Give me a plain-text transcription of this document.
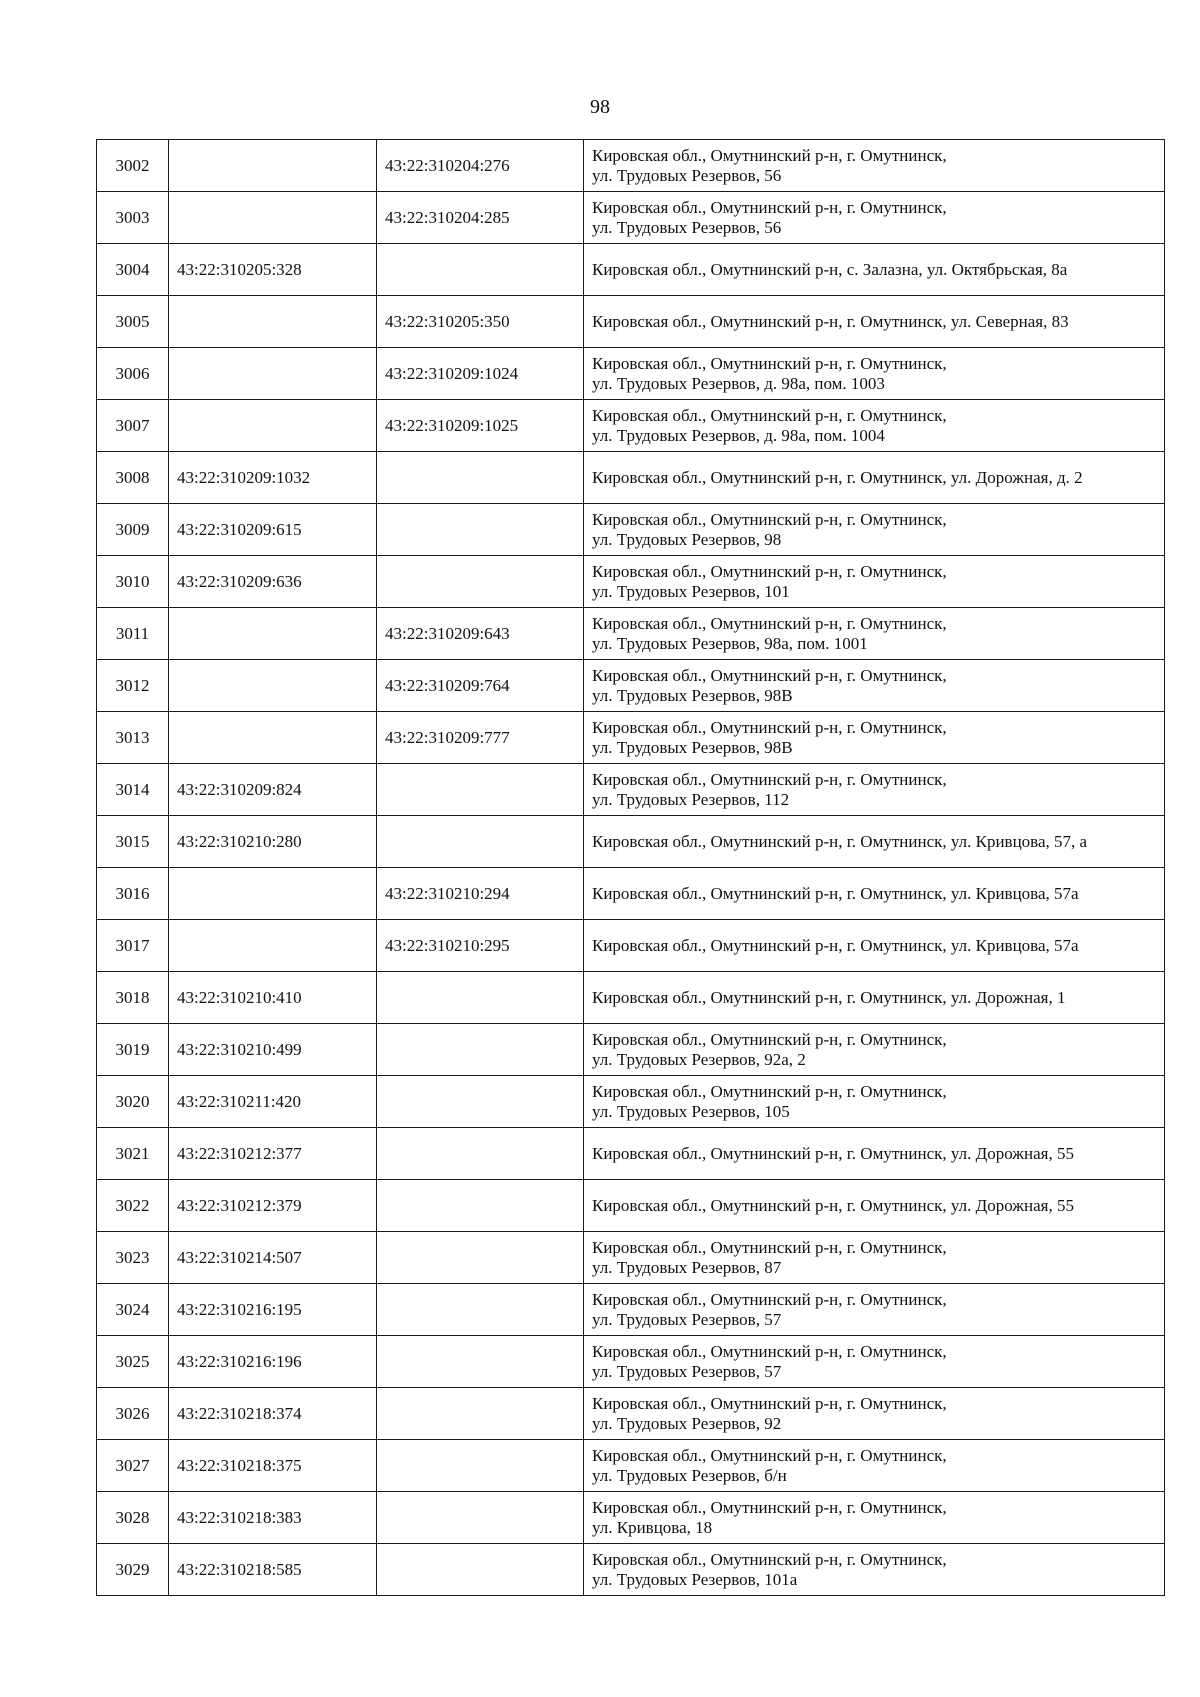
98
3002		43:22:310204:276	Кировская обл., Омутнинский р-н, г. Омутнинск,
ул. Трудовых Резервов, 56

3003		43:22:310204:285	Кировская обл., Омутнинский р-н, г. Омутнинск,
ул. Трудовых Резервов, 56

3004	43:22:310205:328		Кировская обл., Омутнинский р-н, с. Залазна, ул. Октябрьская, 8а

3005		43:22:310205:350	Кировская обл., Омутнинский р-н, г. Омутнинск, ул. Северная, 83

3006		43:22:310209:1024	Кировская обл., Омутнинский р-н, г. Омутнинск,
ул. Трудовых Резервов, д. 98а, пом. 1003

3007		43:22:310209:1025	Кировская обл., Омутнинский р-н, г. Омутнинск,
ул. Трудовых Резервов, д. 98а, пом. 1004

3008	43:22:310209:1032		Кировская обл., Омутнинский р-н, г. Омутнинск, ул. Дорожная, д. 2

3009	43:22:310209:615		Кировская обл., Омутнинский р-н, г. Омутнинск,
ул. Трудовых Резервов, 98

3010	43:22:310209:636		Кировская обл., Омутнинский р-н, г. Омутнинск,
ул. Трудовых Резервов, 101

3011		43:22:310209:643	Кировская обл., Омутнинский р-н, г. Омутнинск,
ул. Трудовых Резервов, 98а, пом. 1001

3012		43:22:310209:764	Кировская обл., Омутнинский р-н, г. Омутнинск,
ул. Трудовых Резервов, 98В

3013		43:22:310209:777	Кировская обл., Омутнинский р-н, г. Омутнинск,
ул. Трудовых Резервов, 98В

3014	43:22:310209:824		Кировская обл., Омутнинский р-н, г. Омутнинск,
ул. Трудовых Резервов, 112

3015	43:22:310210:280		Кировская обл., Омутнинский р-н, г. Омутнинск, ул. Кривцова, 57, а

3016		43:22:310210:294	Кировская обл., Омутнинский р-н, г. Омутнинск, ул. Кривцова, 57а

3017		43:22:310210:295	Кировская обл., Омутнинский р-н, г. Омутнинск, ул. Кривцова, 57а

3018	43:22:310210:410		Кировская обл., Омутнинский р-н, г. Омутнинск, ул. Дорожная, 1

3019	43:22:310210:499		Кировская обл., Омутнинский р-н, г. Омутнинск,
ул. Трудовых Резервов, 92а, 2

3020	43:22:310211:420		Кировская обл., Омутнинский р-н, г. Омутнинск,
ул. Трудовых Резервов, 105

3021	43:22:310212:377		Кировская обл., Омутнинский р-н, г. Омутнинск, ул. Дорожная, 55

3022	43:22:310212:379		Кировская обл., Омутнинский р-н, г. Омутнинск, ул. Дорожная, 55

3023	43:22:310214:507		Кировская обл., Омутнинский р-н, г. Омутнинск,
ул. Трудовых Резервов, 87

3024	43:22:310216:195		Кировская обл., Омутнинский р-н, г. Омутнинск,
ул. Трудовых Резервов, 57

3025	43:22:310216:196		Кировская обл., Омутнинский р-н, г. Омутнинск,
ул. Трудовых Резервов, 57

3026	43:22:310218:374		Кировская обл., Омутнинский р-н, г. Омутнинск,
ул. Трудовых Резервов, 92

3027	43:22:310218:375		Кировская обл., Омутнинский р-н, г. Омутнинск,
ул. Трудовых Резервов, б/н

3028	43:22:310218:383		Кировская обл., Омутнинский р-н, г. Омутнинск,
ул. Кривцова, 18

3029	43:22:310218:585		Кировская обл., Омутнинский р-н, г. Омутнинск,
ул. Трудовых Резервов, 101а
